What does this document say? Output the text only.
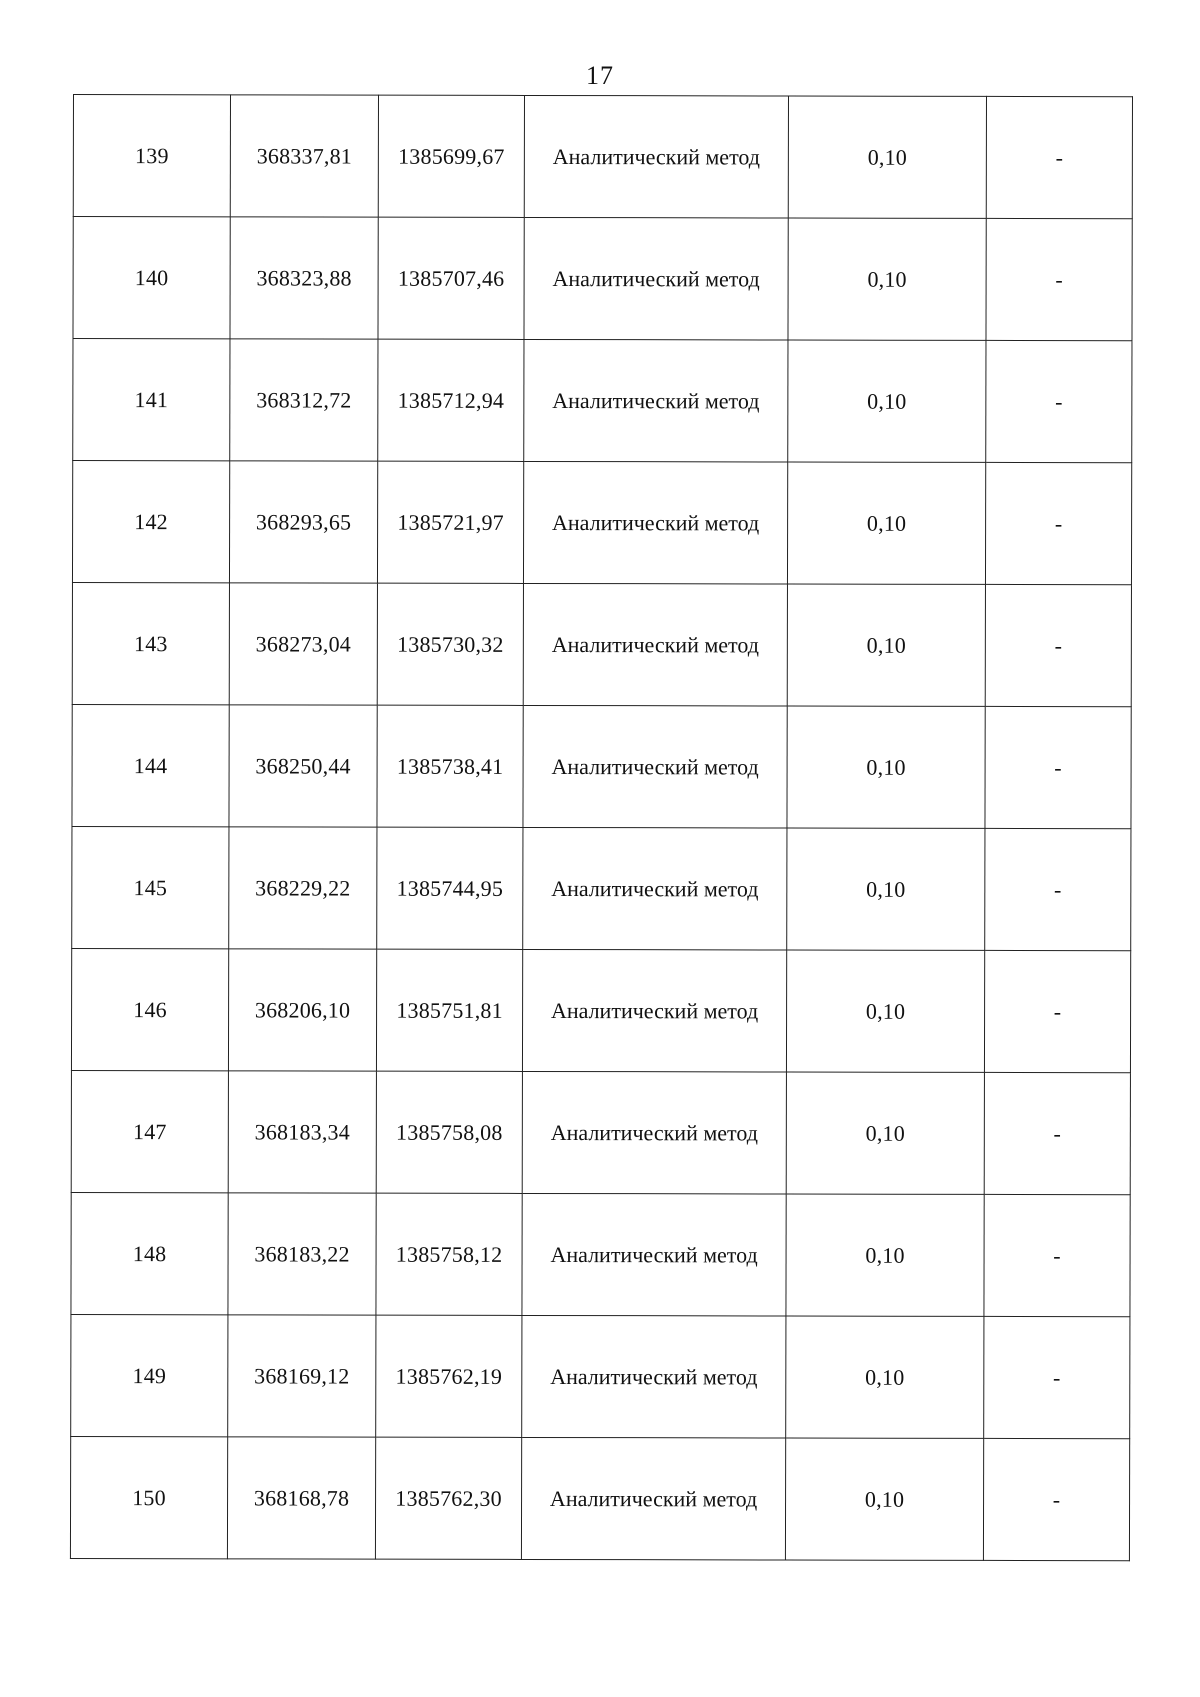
17
139	368337,81	1385699,67	Аналитический метод	0,10	-
140	368323,88	1385707,46	Аналитический метод	0,10	-
141	368312,72	1385712,94	Аналитический метод	0,10	-
142	368293,65	1385721,97	Аналитический метод	0,10	-
143	368273,04	1385730,32	Аналитический метод	0,10	-
144	368250,44	1385738,41	Аналитический метод	0,10	-
145	368229,22	1385744,95	Аналитический метод	0,10	-
146	368206,10	1385751,81	Аналитический метод	0,10	-
147	368183,34	1385758,08	Аналитический метод	0,10	-
148	368183,22	1385758,12	Аналитический метод	0,10	-
149	368169,12	1385762,19	Аналитический метод	0,10	-
150	368168,78	1385762,30	Аналитический метод	0,10	-
